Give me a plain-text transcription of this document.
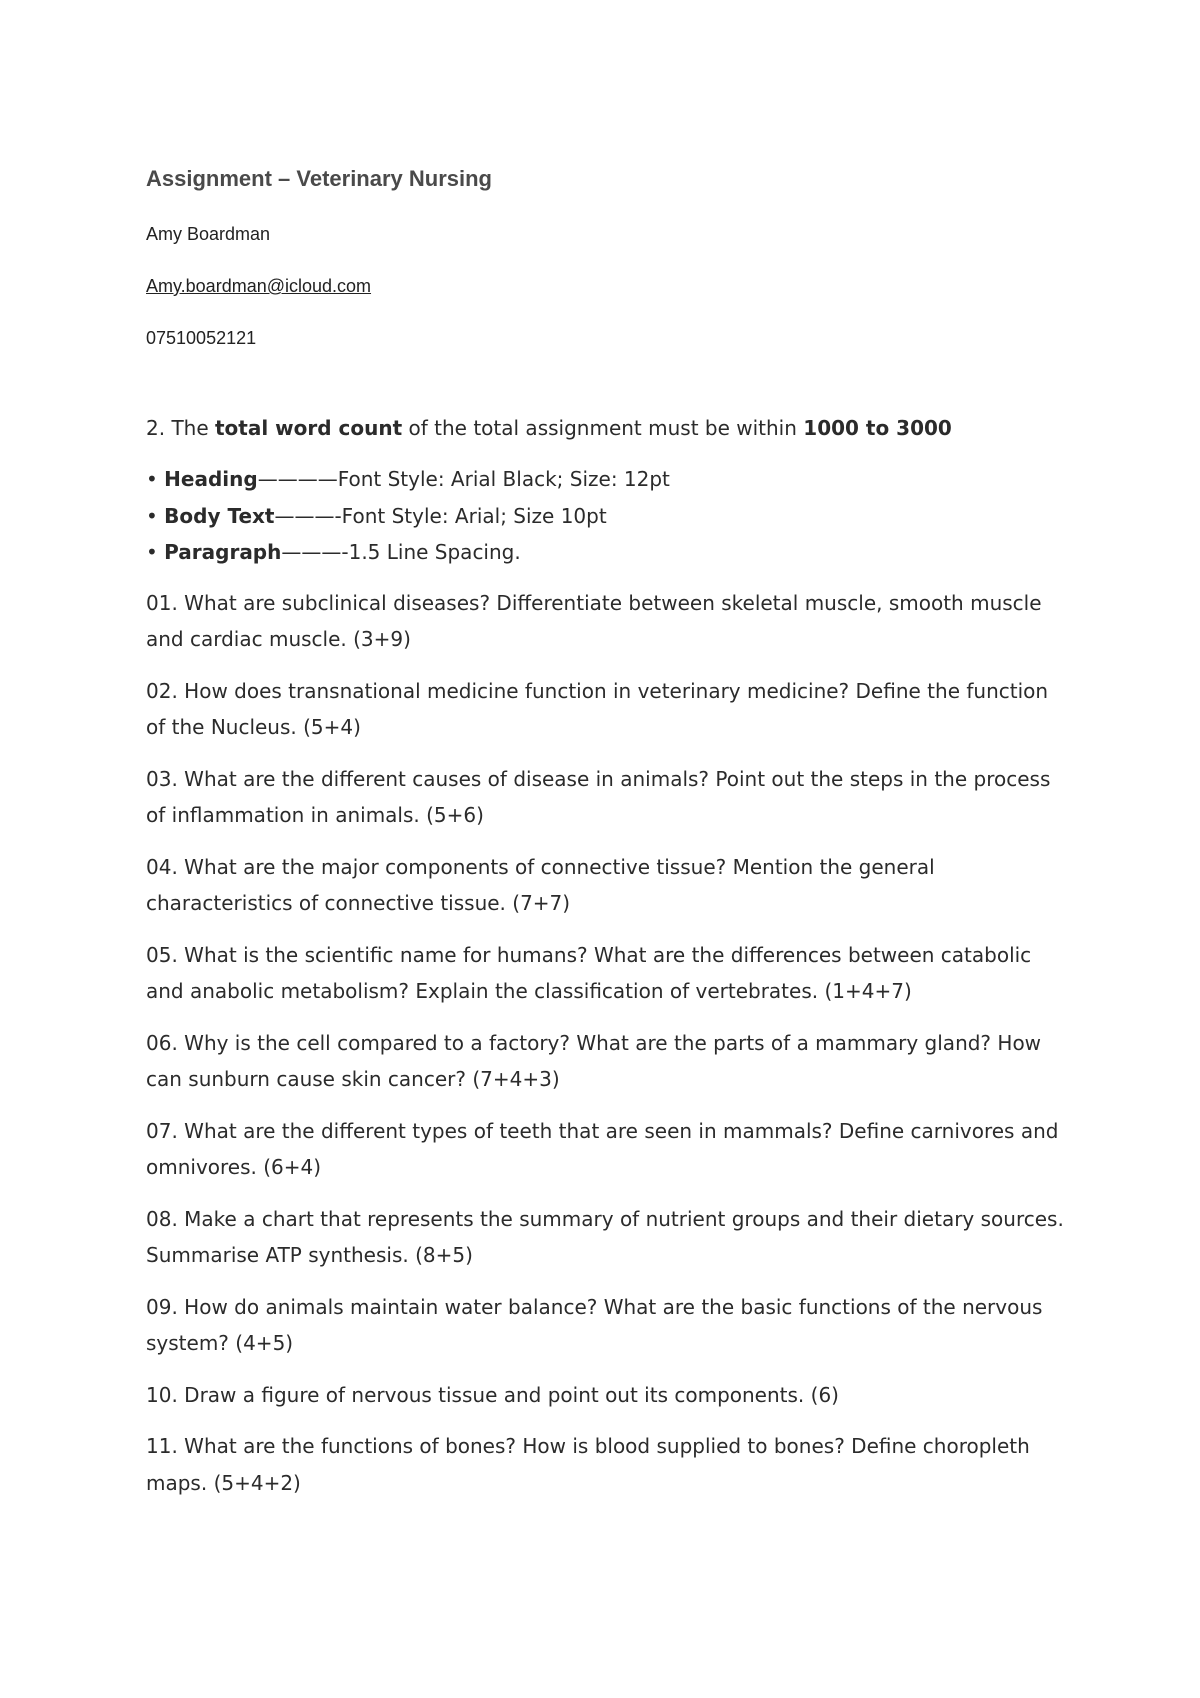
Assignment – Veterinary Nursing
Amy Boardman
Amy.boardman@icloud.com
07510052121

2. The total word count of the total assignment must be within 1000 to 3000

• Heading————Font Style: Arial Black; Size: 12pt
• Body Text———-Font Style: Arial; Size 10pt
• Paragraph———-1.5 Line Spacing.

01. What are subclinical diseases? Differentiate between skeletal muscle, smooth muscle and cardiac muscle. (3+9)

02. How does transnational medicine function in veterinary medicine? Define the function of the Nucleus. (5+4)

03. What are the different causes of disease in animals? Point out the steps in the process of inflammation in animals. (5+6)

04. What are the major components of connective tissue? Mention the general characteristics of connective tissue. (7+7)

05. What is the scientific name for humans? What are the differences between catabolic and anabolic metabolism? Explain the classification of vertebrates. (1+4+7)

06. Why is the cell compared to a factory? What are the parts of a mammary gland? How can sunburn cause skin cancer? (7+4+3)

07. What are the different types of teeth that are seen in mammals? Define carnivores and omnivores. (6+4)

08. Make a chart that represents the summary of nutrient groups and their dietary sources. Summarise ATP synthesis. (8+5)

09. How do animals maintain water balance? What are the basic functions of the nervous system? (4+5)

10. Draw a figure of nervous tissue and point out its components. (6)

11. What are the functions of bones? How is blood supplied to bones? Define choropleth maps. (5+4+2)
